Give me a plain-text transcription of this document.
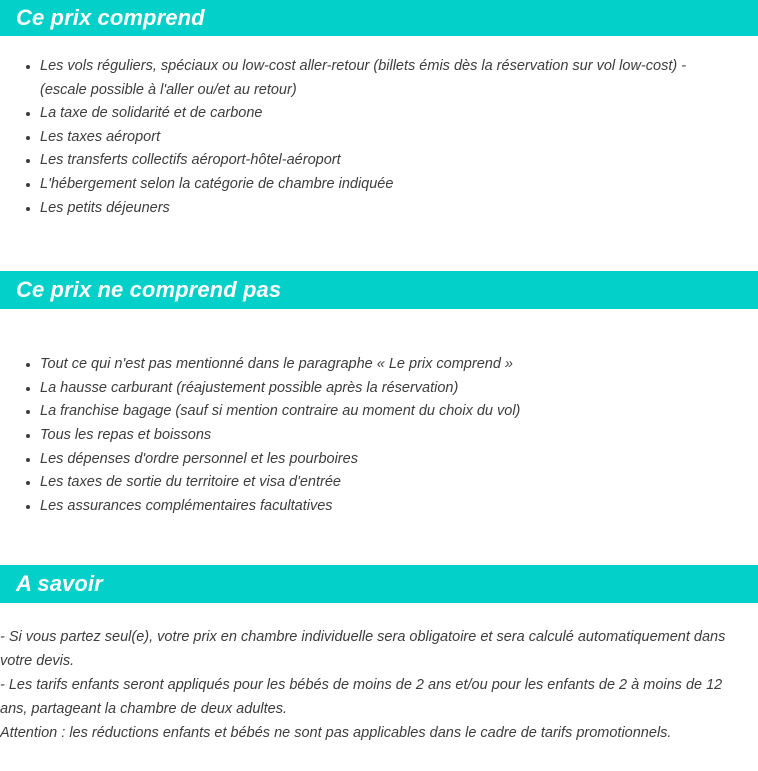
Ce prix comprend
Les vols réguliers, spéciaux ou low-cost aller-retour (billets émis dès la réservation sur vol low-cost) - (escale possible à l'aller ou/et au retour)
La taxe de solidarité et de carbone
Les taxes aéroport
Les transferts collectifs aéroport-hôtel-aéroport
L'hébergement selon la catégorie de chambre indiquée
Les petits déjeuners
Ce prix ne comprend pas
Tout ce qui n'est pas mentionné dans le paragraphe « Le prix comprend »
La hausse carburant (réajustement possible après la réservation)
La franchise bagage (sauf si mention contraire au moment du choix du vol)
Tous les repas et boissons
Les dépenses d'ordre personnel et les pourboires
Les taxes de sortie du territoire et visa d'entrée
Les assurances complémentaires facultatives
A savoir

- Si vous partez seul(e), votre prix en chambre individuelle sera obligatoire et sera calculé automatiquement dans votre devis.

- Les tarifs enfants seront appliqués pour les bébés de moins de 2 ans et/ou pour les enfants de 2 à moins de 12 ans, partageant la chambre de deux adultes.

Attention : les réductions enfants et bébés ne sont pas applicables dans le cadre de tarifs promotionnels.
